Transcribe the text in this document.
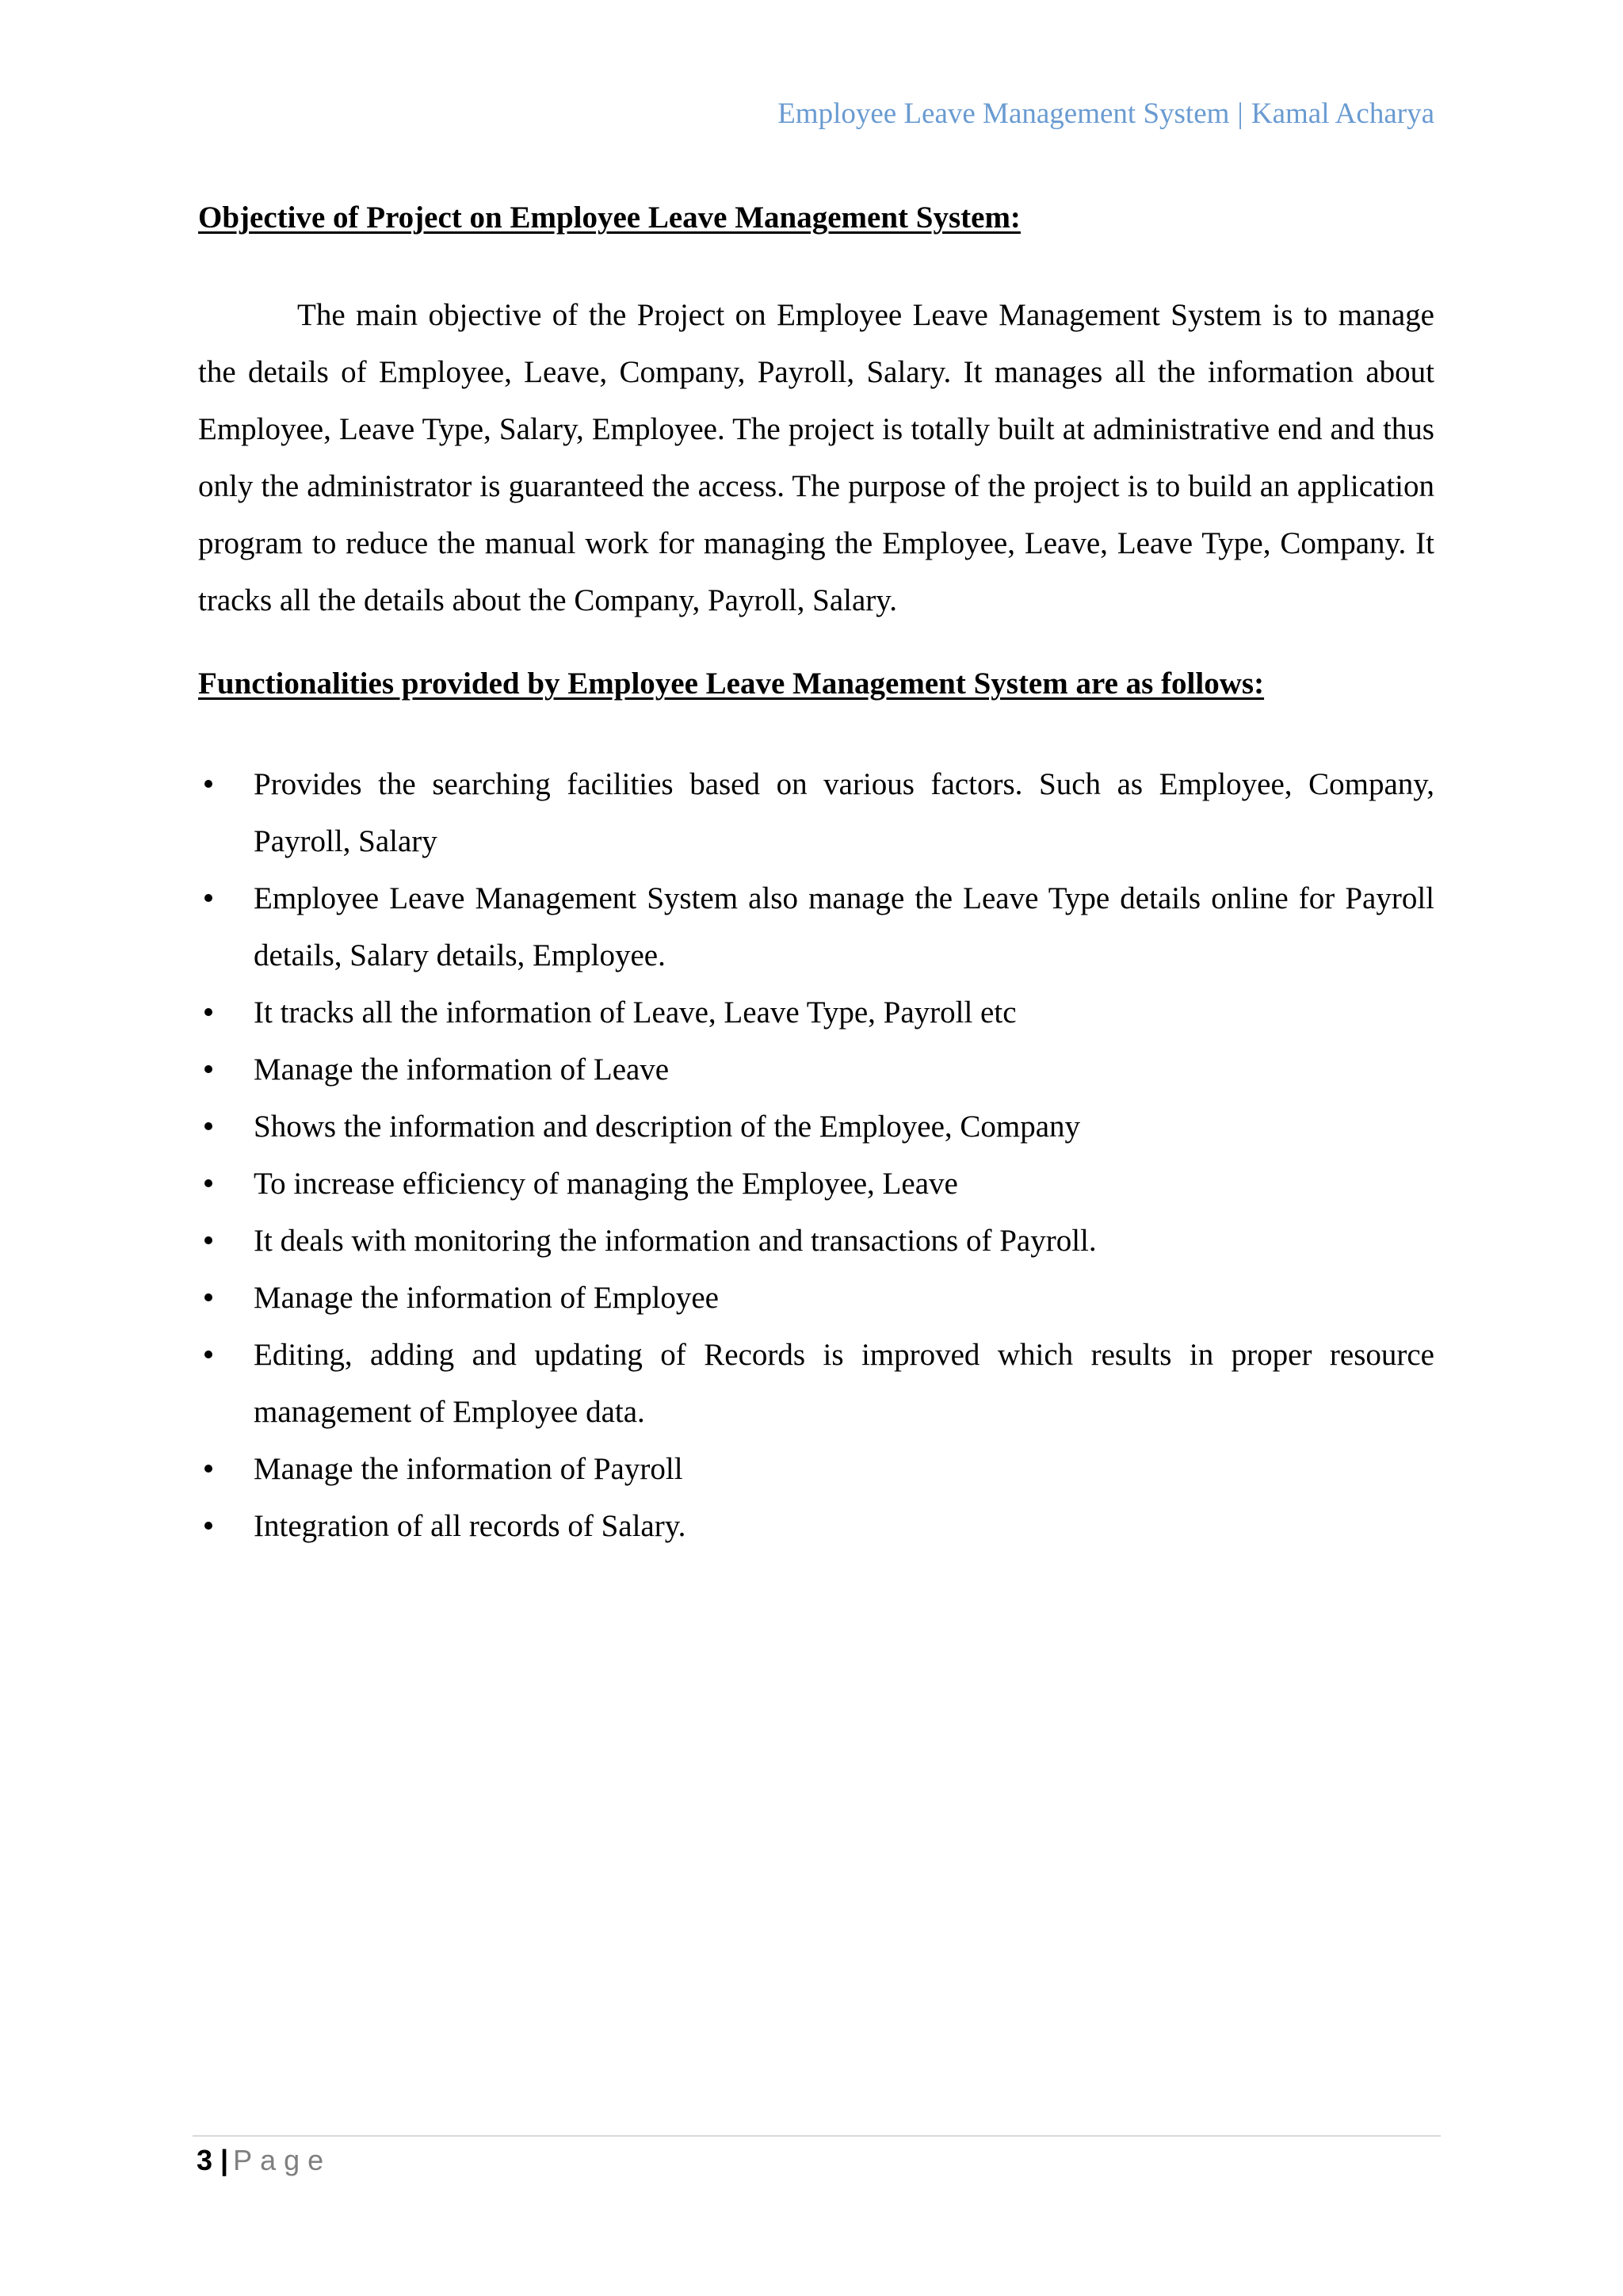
Employee Leave Management System | Kamal Acharya
Objective of Project on Employee Leave Management System:

The main objective of the Project on Employee Leave Management System is to manage the details of Employee, Leave, Company, Payroll, Salary. It manages all the information about Employee, Leave Type, Salary, Employee. The project is totally built at administrative end and thus only the administrator is guaranteed the access. The purpose of the project is to build an application program to reduce the manual work for managing the Employee, Leave, Leave Type, Company. It tracks all the details about the Company, Payroll, Salary.

Functionalities provided by Employee Leave Management System are as follows:
Provides the searching facilities based on various factors. Such as Employee, Company, Payroll, Salary
Employee Leave Management System also manage the Leave Type details online for Payroll details, Salary details, Employee.
It tracks all the information of Leave, Leave Type, Payroll etc
Manage the information of Leave
Shows the information and description of the Employee, Company
To increase efficiency of managing the Employee, Leave
It deals with monitoring the information and transactions of Payroll.
Manage the information of Employee
Editing, adding and updating of Records is improved which results in proper resource management of Employee data.
Manage the information of Payroll
Integration of all records of Salary.
3 | Page
